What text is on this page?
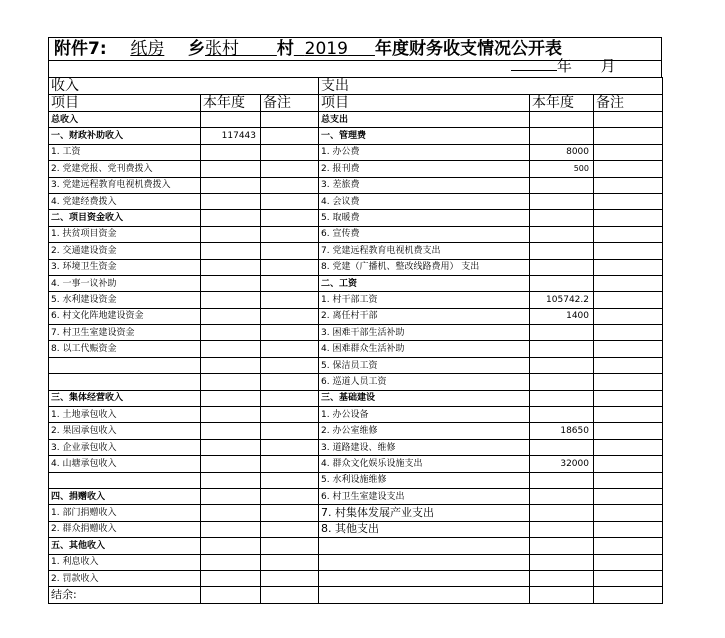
附件7: 纸房 乡张村 村 2019 年度财务收支情况公开表
年 月
收入			支出		
项目	本年度	备注	项目	本年度	备注
总收入			总支出		
一、财政补助收入	117443		一、管理费		
1. 工资			1. 办公费	8000	
2. 党建党报、党刊费拨入			2. 报刊费	500	
3. 党建远程教育电视机费拨入			3. 差旅费		
4. 党建经费拨入			4. 会议费		
二、项目资金收入			5. 取暖费		
1. 扶贫项目资金			6. 宣传费		
2. 交通建设资金			7. 党建远程教育电视机费支出		
3. 环境卫生资金			8. 党建（广播机、整改线路费用） 支出		
4. 一事一议补助			二、工资		
5. 水利建设资金			1. 村干部工资	105742.2	
6. 村文化阵地建设资金			2. 离任村干部	1400	
7. 村卫生室建设资金			3. 困难干部生活补助		
8. 以工代赈资金			4. 困难群众生活补助		
			5. 保洁员工资		
			6. 巡道人员工资		
三、集体经营收入			三、基础建设		
1. 土地承包收入			1. 办公设备		
2. 果园承包收入			2. 办公室维修	18650	
3. 企业承包收入			3. 道路建设、维修		
4. 山塘承包收入			4. 群众文化娱乐设施支出	32000	
			5. 水利设施维修		
四、捐赠收入			6. 村卫生室建设支出		
1. 部门捐赠收入			7. 村集体发展产业支出		
2. 群众捐赠收入			8. 其他支出		
五、其他收入					
1. 利息收入					
2. 罚款收入					
结余:					
